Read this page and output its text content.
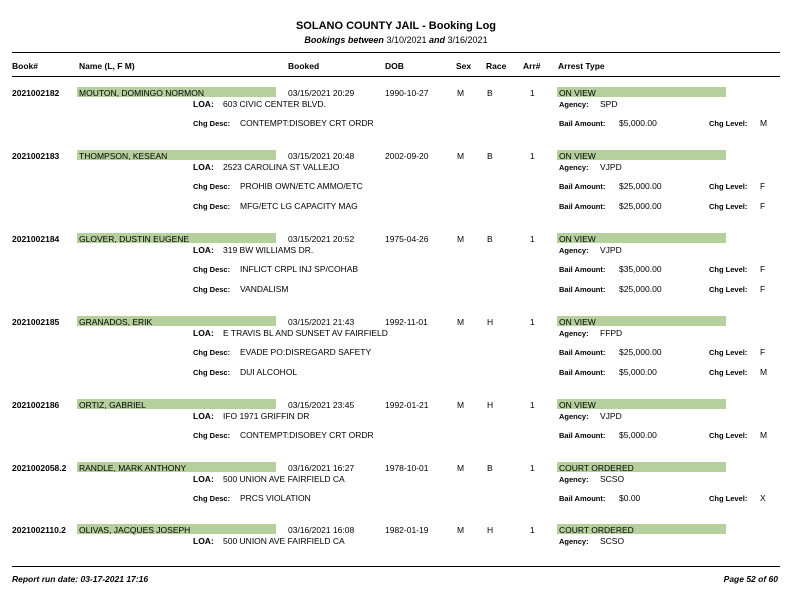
SOLANO COUNTY JAIL - Booking Log
Bookings between 3/10/2021 and 3/16/2021
Book#	Name (L, F M)	Booked	DOB	Sex Race Arr# Arrest Type
2021002182 MOUTON, DOMINGO NORMON	03/15/2021 20:29	1990-10-27	M	B	1	ON VIEW
LOA: 603 CIVIC CENTER BLVD.	Agency: SPD
Chg Desc: CONTEMPT:DISOBEY CRT ORDR	Bail Amount: $5,000.00	Chg Level: M
2021002183 THOMPSON, KESEAN	03/15/2021 20:48	2002-09-20	M	B	1	ON VIEW
LOA: 2523 CAROLINA ST VALLEJO	Agency: VJPD
Chg Desc: PROHIB OWN/ETC AMMO/ETC	Bail Amount: $25,000.00	Chg Level: F
Chg Desc: MFG/ETC LG CAPACITY MAG	Bail Amount: $25,000.00	Chg Level: F
2021002184 GLOVER, DUSTIN EUGENE	03/15/2021 20:52	1975-04-26	M	B	1	ON VIEW
LOA: 319 BW WILLIAMS DR.	Agency: VJPD
Chg Desc: INFLICT CRPL INJ SP/COHAB	Bail Amount: $35,000.00	Chg Level: F
Chg Desc: VANDALISM	Bail Amount: $25,000.00	Chg Level: F
2021002185 GRANADOS, ERIK	03/15/2021 21:43	1992-11-01	M	H	1	ON VIEW
LOA: E TRAVIS BL AND SUNSET AV FAIRFIELD	Agency: FFPD
Chg Desc: EVADE PO:DISREGARD SAFETY	Bail Amount: $25,000.00	Chg Level: F
Chg Desc: DUI ALCOHOL	Bail Amount: $5,000.00	Chg Level: M
2021002186 ORTIZ, GABRIEL	03/15/2021 23:45	1992-01-21	M	H	1	ON VIEW
LOA: IFO 1971 GRIFFIN DR	Agency: VJPD
Chg Desc: CONTEMPT:DISOBEY CRT ORDR	Bail Amount: $5,000.00	Chg Level: M
2021002058.2 RANDLE, MARK ANTHONY	03/16/2021 16:27	1978-10-01	M	B	1	COURT ORDERED
LOA: 500 UNION AVE FAIRFIELD CA	Agency: SCSO
Chg Desc: PRCS VIOLATION	Bail Amount: $0.00	Chg Level: X
2021002110.2 OLIVAS, JACQUES JOSEPH	03/16/2021 16:08	1982-01-19	M	H	1	COURT ORDERED
LOA: 500 UNION AVE FAIRFIELD CA	Agency: SCSO
Report run date: 03-17-2021 17:16	Page 52 of 60
